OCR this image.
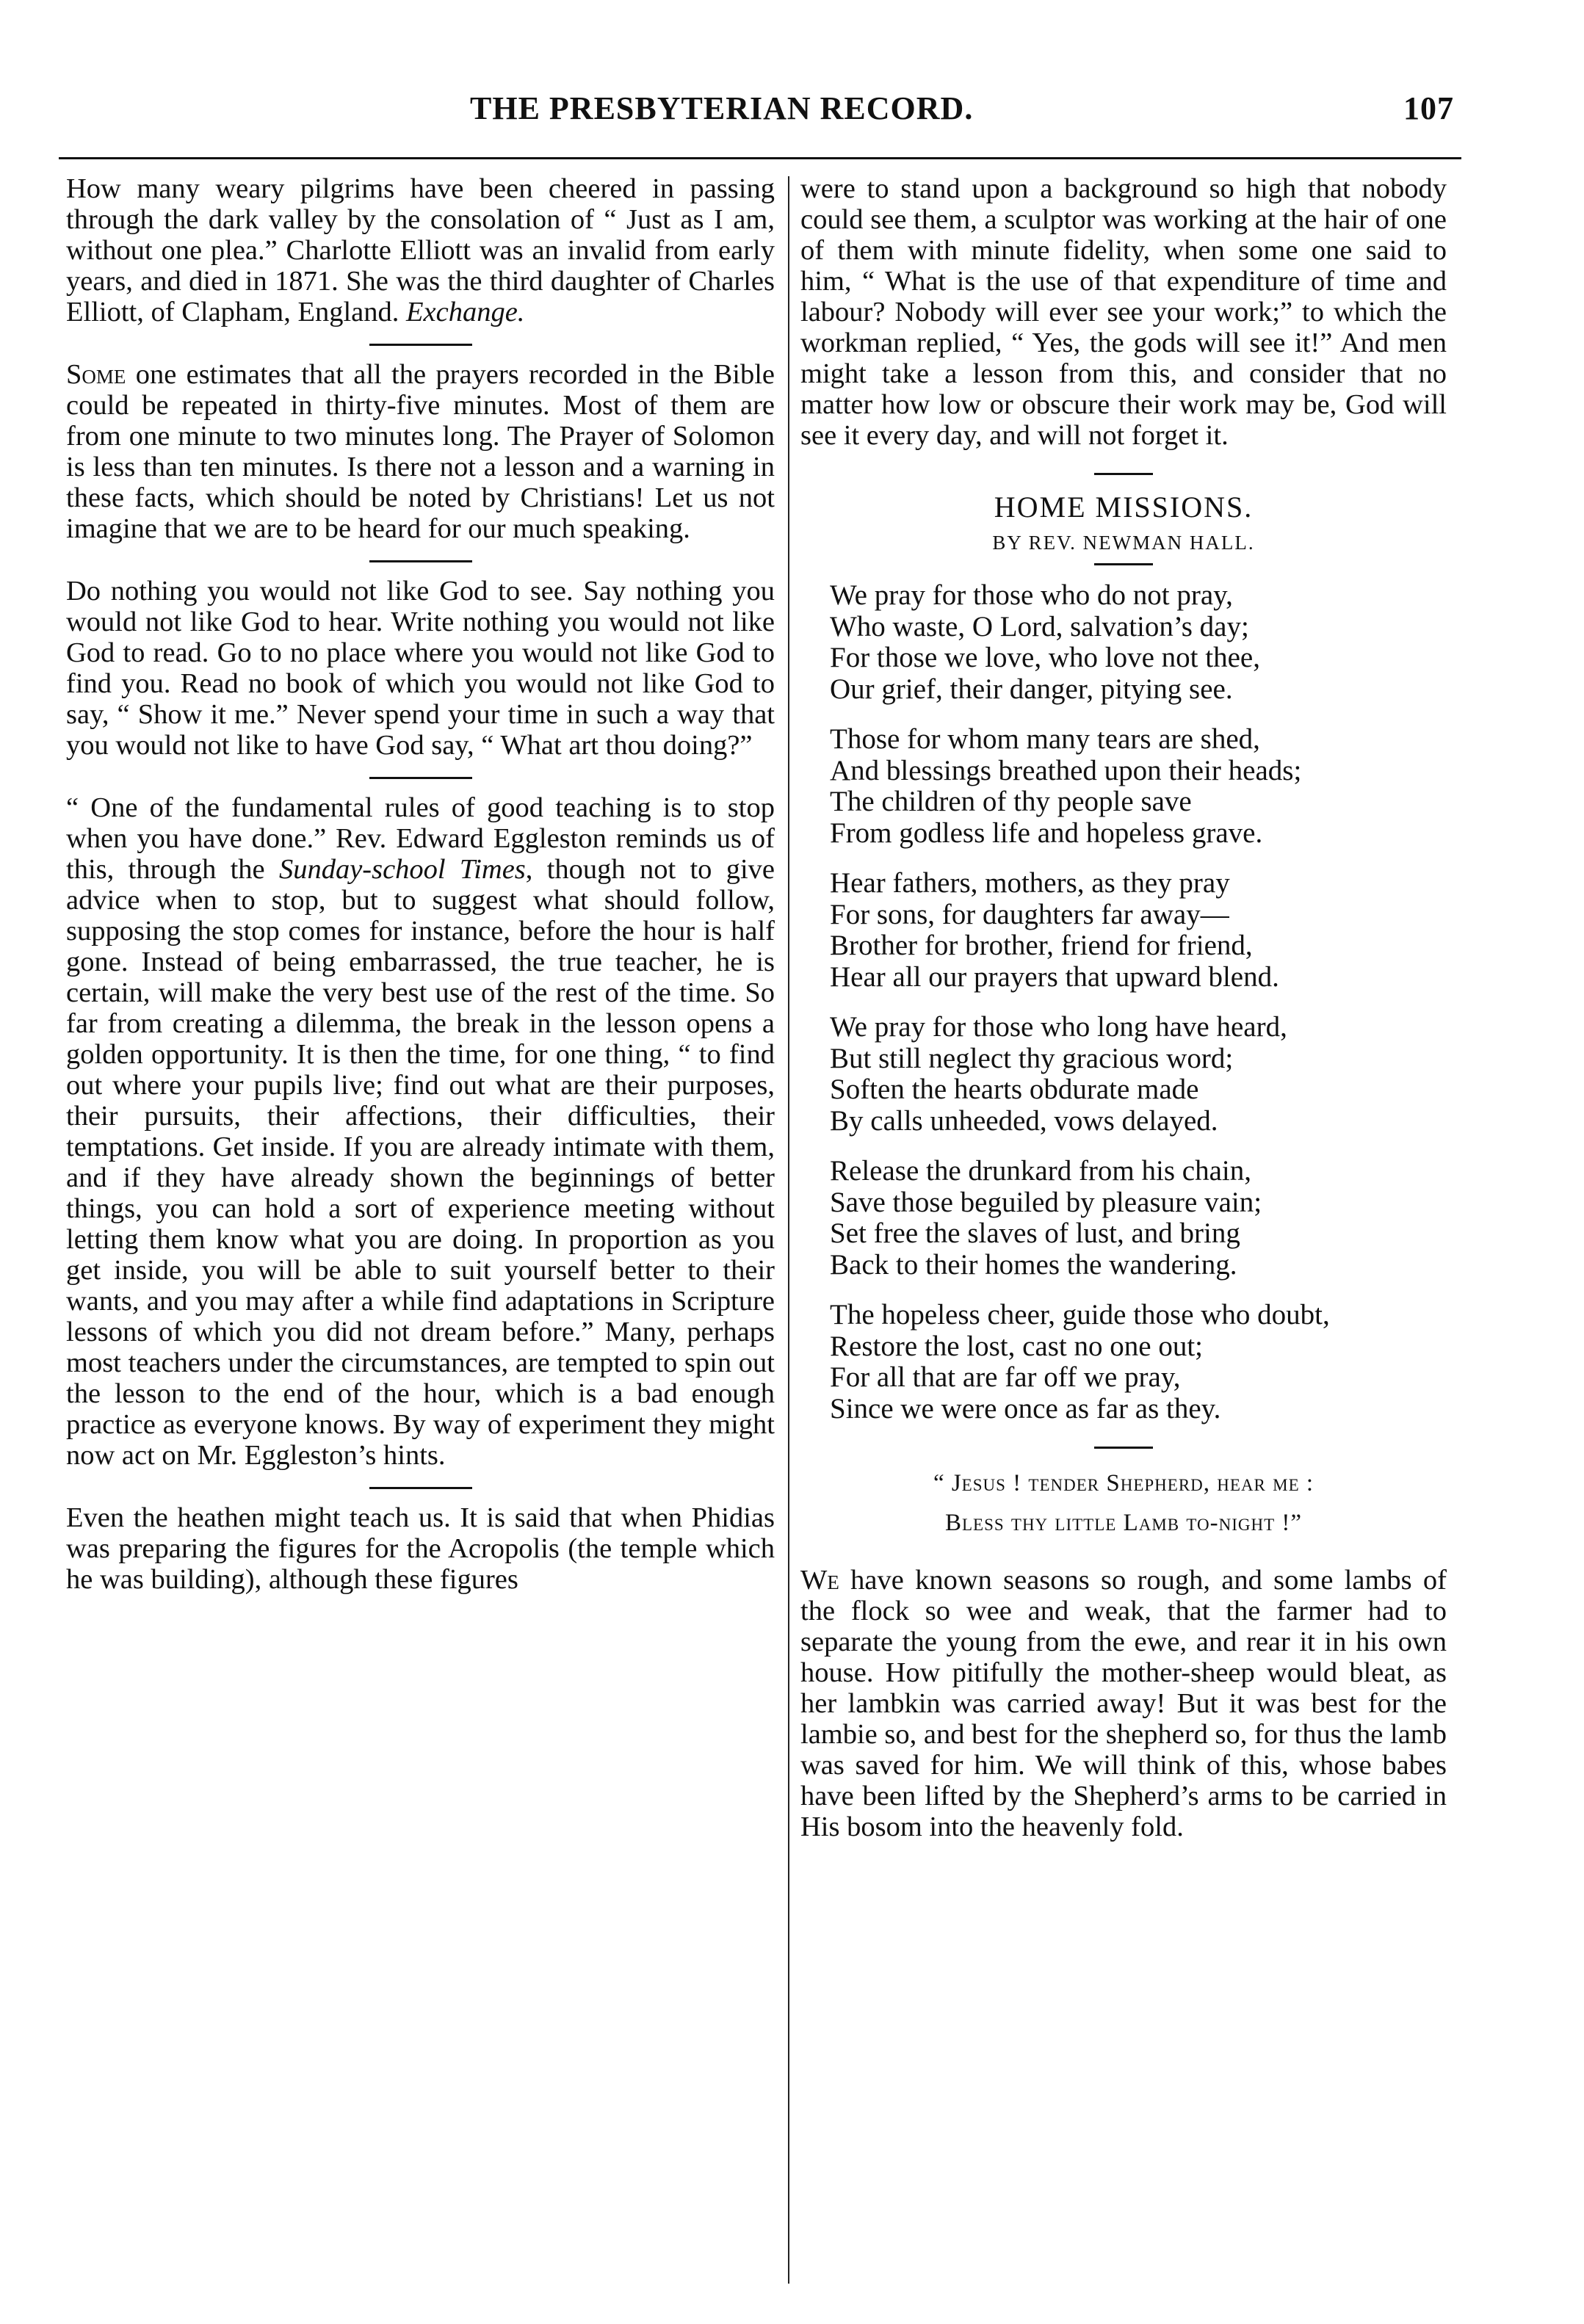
THE PRESBYTERIAN RECORD.	107

How many weary pilgrims have been cheered in passing through the dark valley by the consolation of “ Just as I am, without one plea.” Charlotte Elliott was an invalid from early years, and died in 1871. She was the third daughter of Charles Elliott, of Clapham, England. Exchange.

Some one estimates that all the prayers recorded in the Bible could be repeated in thirty-five minutes. Most of them are from one minute to two minutes long. The Prayer of Solomon is less than ten minutes. Is there not a lesson and a warning in these facts, which should be noted by Christians! Let us not imagine that we are to be heard for our much speaking.

Do nothing you would not like God to see. Say nothing you would not like God to hear. Write nothing you would not like God to read. Go to no place where you would not like God to find you. Read no book of which you would not like God to say, “ Show it me.” Never spend your time in such a way that you would not like to have God say, “ What art thou doing?”

“ One of the fundamental rules of good teaching is to stop when you have done.” Rev. Edward Eggleston reminds us of this, through the Sunday-school Times, though not to give advice when to stop, but to suggest what should follow, supposing the stop comes for instance, before the hour is half gone. Instead of being embarrassed, the true teacher, he is certain, will make the very best use of the rest of the time. So far from creating a dilemma, the break in the lesson opens a golden opportunity. It is then the time, for one thing, “ to find out where your pupils live; find out what are their purposes, their pursuits, their affections, their difficulties, their temptations. Get inside. If you are already intimate with them, and if they have already shown the beginnings of better things, you can hold a sort of experience meeting without letting them know what you are doing. In proportion as you get inside, you will be able to suit yourself better to their wants, and you may after a while find adaptations in Scripture lessons of which you did not dream before.” Many, perhaps most teachers under the circumstances, are tempted to spin out the lesson to the end of the hour, which is a bad enough practice as everyone knows. By way of experiment they might now act on Mr. Eggleston’s hints.

Even the heathen might teach us. It is said that when Phidias was preparing the figures for the Acropolis (the temple which he was building), although these figures

were to stand upon a background so high that nobody could see them, a sculptor was working at the hair of one of them with minute fidelity, when some one said to him, “ What is the use of that expenditure of time and labour? Nobody will ever see your work;” to which the workman replied, “ Yes, the gods will see it!” And men might take a lesson from this, and consider that no matter how low or obscure their work may be, God will see it every day, and will not forget it.

HOME MISSIONS.
BY REV. NEWMAN HALL.
We pray for those who do not pray,
Who waste, O Lord, salvation’s day;
For those we love, who love not thee,
Our grief, their danger, pitying see.
Those for whom many tears are shed,
And blessings breathed upon their heads;
The children of thy people save
From godless life and hopeless grave.
Hear fathers, mothers, as they pray
For sons, for daughters far away—
Brother for brother, friend for friend,
Hear all our prayers that upward blend.
We pray for those who long have heard,
But still neglect thy gracious word;
Soften the hearts obdurate made
By calls unheeded, vows delayed.
Release the drunkard from his chain,
Save those beguiled by pleasure vain;
Set free the slaves of lust, and bring
Back to their homes the wandering.
The hopeless cheer, guide those who doubt,
Restore the lost, cast no one out;
For all that are far off we pray,
Since we were once as far as they.
“ Jesus ! tender Shepherd, hear me :
Bless thy little Lamb to-night !”

We have known seasons so rough, and some lambs of the flock so wee and weak, that the farmer had to separate the young from the ewe, and rear it in his own house. How pitifully the mother-sheep would bleat, as her lambkin was carried away! But it was best for the lambie so, and best for the shepherd so, for thus the lamb was saved for him. We will think of this, whose babes have been lifted by the Shepherd’s arms to be carried in His bosom into the heavenly fold.
